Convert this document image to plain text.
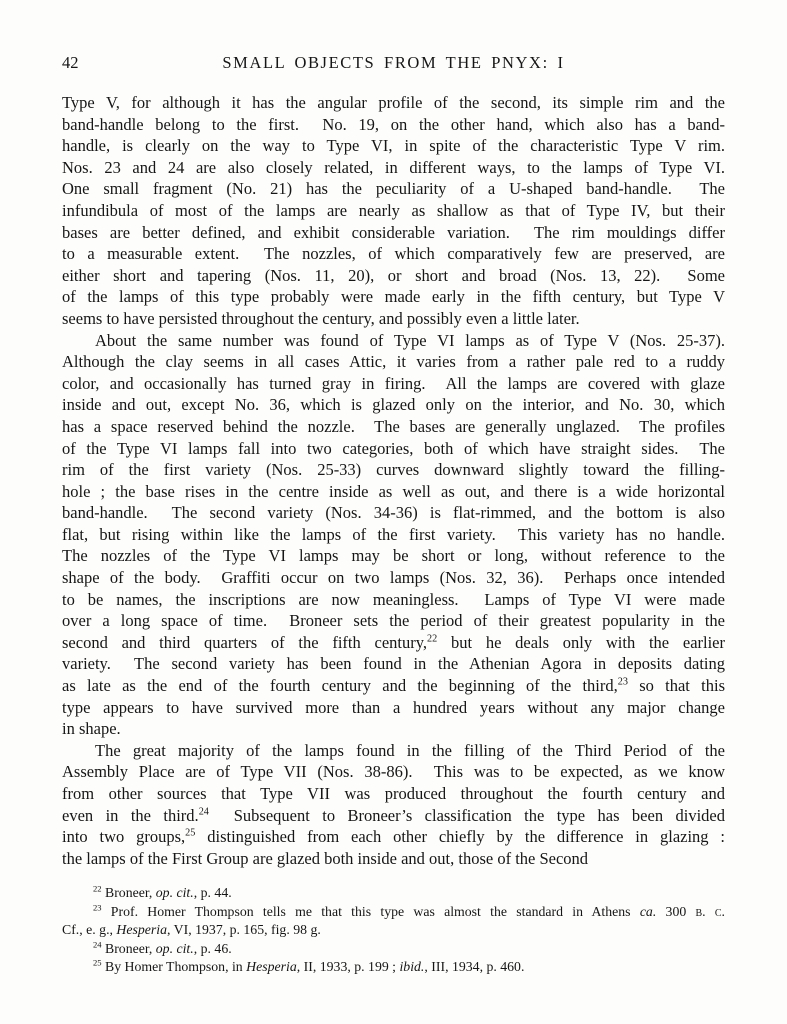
42	SMALL OBJECTS FROM THE PNYX: I
Type V, for although it has the angular profile of the second, its simple rim and the
band-handle belong to the first.  No. 19, on the other hand, which also has a band-
handle, is clearly on the way to Type VI, in spite of the characteristic Type V rim.
Nos. 23 and 24 are also closely related, in different ways, to the lamps of Type VI.
One small fragment (No. 21) has the peculiarity of a U-shaped band-handle.  The
infundibula of most of the lamps are nearly as shallow as that of Type IV, but their
bases are better defined, and exhibit considerable variation.  The rim mouldings differ
to a measurable extent.  The nozzles, of which comparatively few are preserved, are
either short and tapering (Nos. 11, 20), or short and broad (Nos. 13, 22).  Some
of the lamps of this type probably were made early in the fifth century, but Type V
seems to have persisted throughout the century, and possibly even a little later.
About the same number was found of Type VI lamps as of Type V (Nos. 25-37).
Although the clay seems in all cases Attic, it varies from a rather pale red to a ruddy
color, and occasionally has turned gray in firing.  All the lamps are covered with glaze
inside and out, except No. 36, which is glazed only on the interior, and No. 30, which
has a space reserved behind the nozzle.  The bases are generally unglazed.  The profiles
of the Type VI lamps fall into two categories, both of which have straight sides.  The
rim of the first variety (Nos. 25-33) curves downward slightly toward the filling-
hole ; the base rises in the centre inside as well as out, and there is a wide horizontal
band-handle.  The second variety (Nos. 34-36) is flat-rimmed, and the bottom is also
flat, but rising within like the lamps of the first variety.  This variety has no handle.
The nozzles of the Type VI lamps may be short or long, without reference to the
shape of the body.  Graffiti occur on two lamps (Nos. 32, 36).  Perhaps once intended
to be names, the inscriptions are now meaningless.  Lamps of Type VI were made
over a long space of time.  Broneer sets the period of their greatest popularity in the
second and third quarters of the fifth century,$^{22}$ but he deals only with the earlier
variety.  The second variety has been found in the Athenian Agora in deposits dating
as late as the end of the fourth century and the beginning of the third,$^{23}$ so that this
type appears to have survived more than a hundred years without any major change
in shape.
The great majority of the lamps found in the filling of the Third Period of the
Assembly Place are of Type VII (Nos. 38-86).  This was to be expected, as we know
from other sources that Type VII was produced throughout the fourth century and
even in the third.$^{24}$  Subsequent to Broneer’s classification the type has been divided
into two groups,$^{25}$ distinguished from each other chiefly by the difference in glazing :
the lamps of the First Group are glazed both inside and out, those of the Second
$^{22}$ Broneer, op. cit., p. 44.
$^{23}$ Prof. Homer Thompson tells me that this type was almost the standard in Athens ca. 300 b. c.
Cf., e. g., Hesperia, VI, 1937, p. 165, fig. 98 g.
$^{24}$ Broneer, op. cit., p. 46.
$^{25}$ By Homer Thompson, in Hesperia, II, 1933, p. 199 ; ibid., III, 1934, p. 460.
